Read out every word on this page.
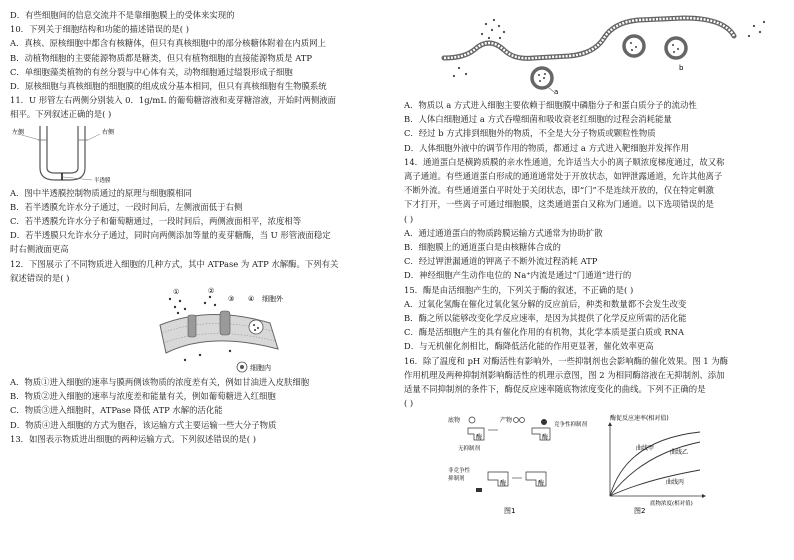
D．有些细胞间的信息交流并不是靠细胞膜上的受体来实现的
10．下列关于细胞结构和功能的描述错误的是( )
A．真核、原核细胞中都含有核糖体，但只有真核细胞中的部分核糖体附着在内质网上
B．动植物细胞的主要能源物质都是糖类，但只有植物细胞的直接能源物质是 ATP
C．单细胞藻类植物的有丝分裂与中心体有关，动物细胞通过缢裂形成子细胞
D．原核细胞与真核细胞的细胞膜的组成成分基本相同，但只有真核细胞有生物膜系统
11．U 形管左右两侧分别装入 0．1g/mL 的葡萄糖溶液和麦芽糖溶液，开始时两侧液面
相平。下列叙述正确的是( )
左侧	右侧
半透膜
A．图中半透膜控制物质通过的原理与细胞膜相同
B．若半透膜允许水分子通过，一段时间后，左侧液面低于右侧
C．若半透膜允许水分子和葡萄糖通过，一段时间后，两侧液面相平，浓度相等
D．若半透膜只允许水分子通过，同时向两侧添加等量的麦芽糖酶，当 U 形管液面稳定
时右侧液面更高
12．下图展示了不同物质进入细胞的几种方式，其中 ATPase 为 ATP 水解酶。下列有关
叙述错误的是( )
①	②
③ ④ 细胞外
细胞内
A．物质①进入细胞的速率与膜两侧该物质的浓度差有关，例如甘油进入皮肤细胞
B．物质②进入细胞的速率与浓度差和能量有关，例如葡萄糖进入红细胞
C．物质③进入细胞时，ATPase 降低 ATP 水解的活化能
D．物质④进入细胞的方式为胞吞，该运输方式主要运输一些大分子物质
13．如图表示物质进出细胞的两种运输方式。下列叙述错误的是( )
a
b
A．物质以 a 方式进入细胞主要依赖于细胞膜中磷脂分子和蛋白质分子的流动性
B．人体白细胞通过 a 方式吞噬细菌和吸收衰老红细胞的过程会消耗能量
C．经过 b 方式排到细胞外的物质，不全是大分子物质或颗粒性物质
D．人体细胞外液中的调节作用的物质，都通过 a 方式进入靶细胞并发挥作用
14．通道蛋白是横跨质膜的亲水性通道，允许适当大小的离子顺浓度梯度通过，故又称
离子通道。有些通道蛋白形成的通道通常处于开放状态，如钾泄露通道，允许其他离子
不断外流。有些通道蛋白平时处于关闭状态，即“门”不是连续开放的，仅在特定刺激
下才打开，一些离子可通过细胞膜，这类通道蛋白又称为门通道。以下选项错误的是
( )
A．通过通道蛋白的物质跨膜运输方式通常为协助扩散
B．细胞膜上的通道蛋白是由核糖体合成的
C．经过钾泄漏通道的钾离子不断外流过程消耗 ATP
D．神经细胞产生动作电位的 Na⁺内流是通过“门通道”进行的
15．酶是由活细胞产生的，下列关于酶的叙述，不正确的是( )
A．过氧化氢酶在催化过氧化氢分解的反应前后，种类和数量都不会发生改变
B．酶之所以能够改变化学反应速率，是因为其提供了化学反应所需的活化能
C．酶是活细胞产生的具有催化作用的有机物，其化学本质是蛋白质或 RNA
D．与无机催化剂相比，酶降低活化能的作用更显著，催化效率更高
16．除了温度和 pH 对酶活性有影响外，一些抑制剂也会影响酶的催化效果。图 1 为酶
作用机理及两种抑制剂影响酶活性的机理示意图，图 2 为相同酶溶液在无抑制剂、添加
适量不同抑制剂的条件下，酶促反应速率随底物浓度变化的曲线。下列不正确的是
( )
底物
酶
产物
无抑制剂
酶
竞争性抑制剂
非竞争性
抑制剂
酶	酶
图1
酶促反应速率(相对值)
底物浓度(相对值)
曲线甲
曲线乙
曲线丙
图2
